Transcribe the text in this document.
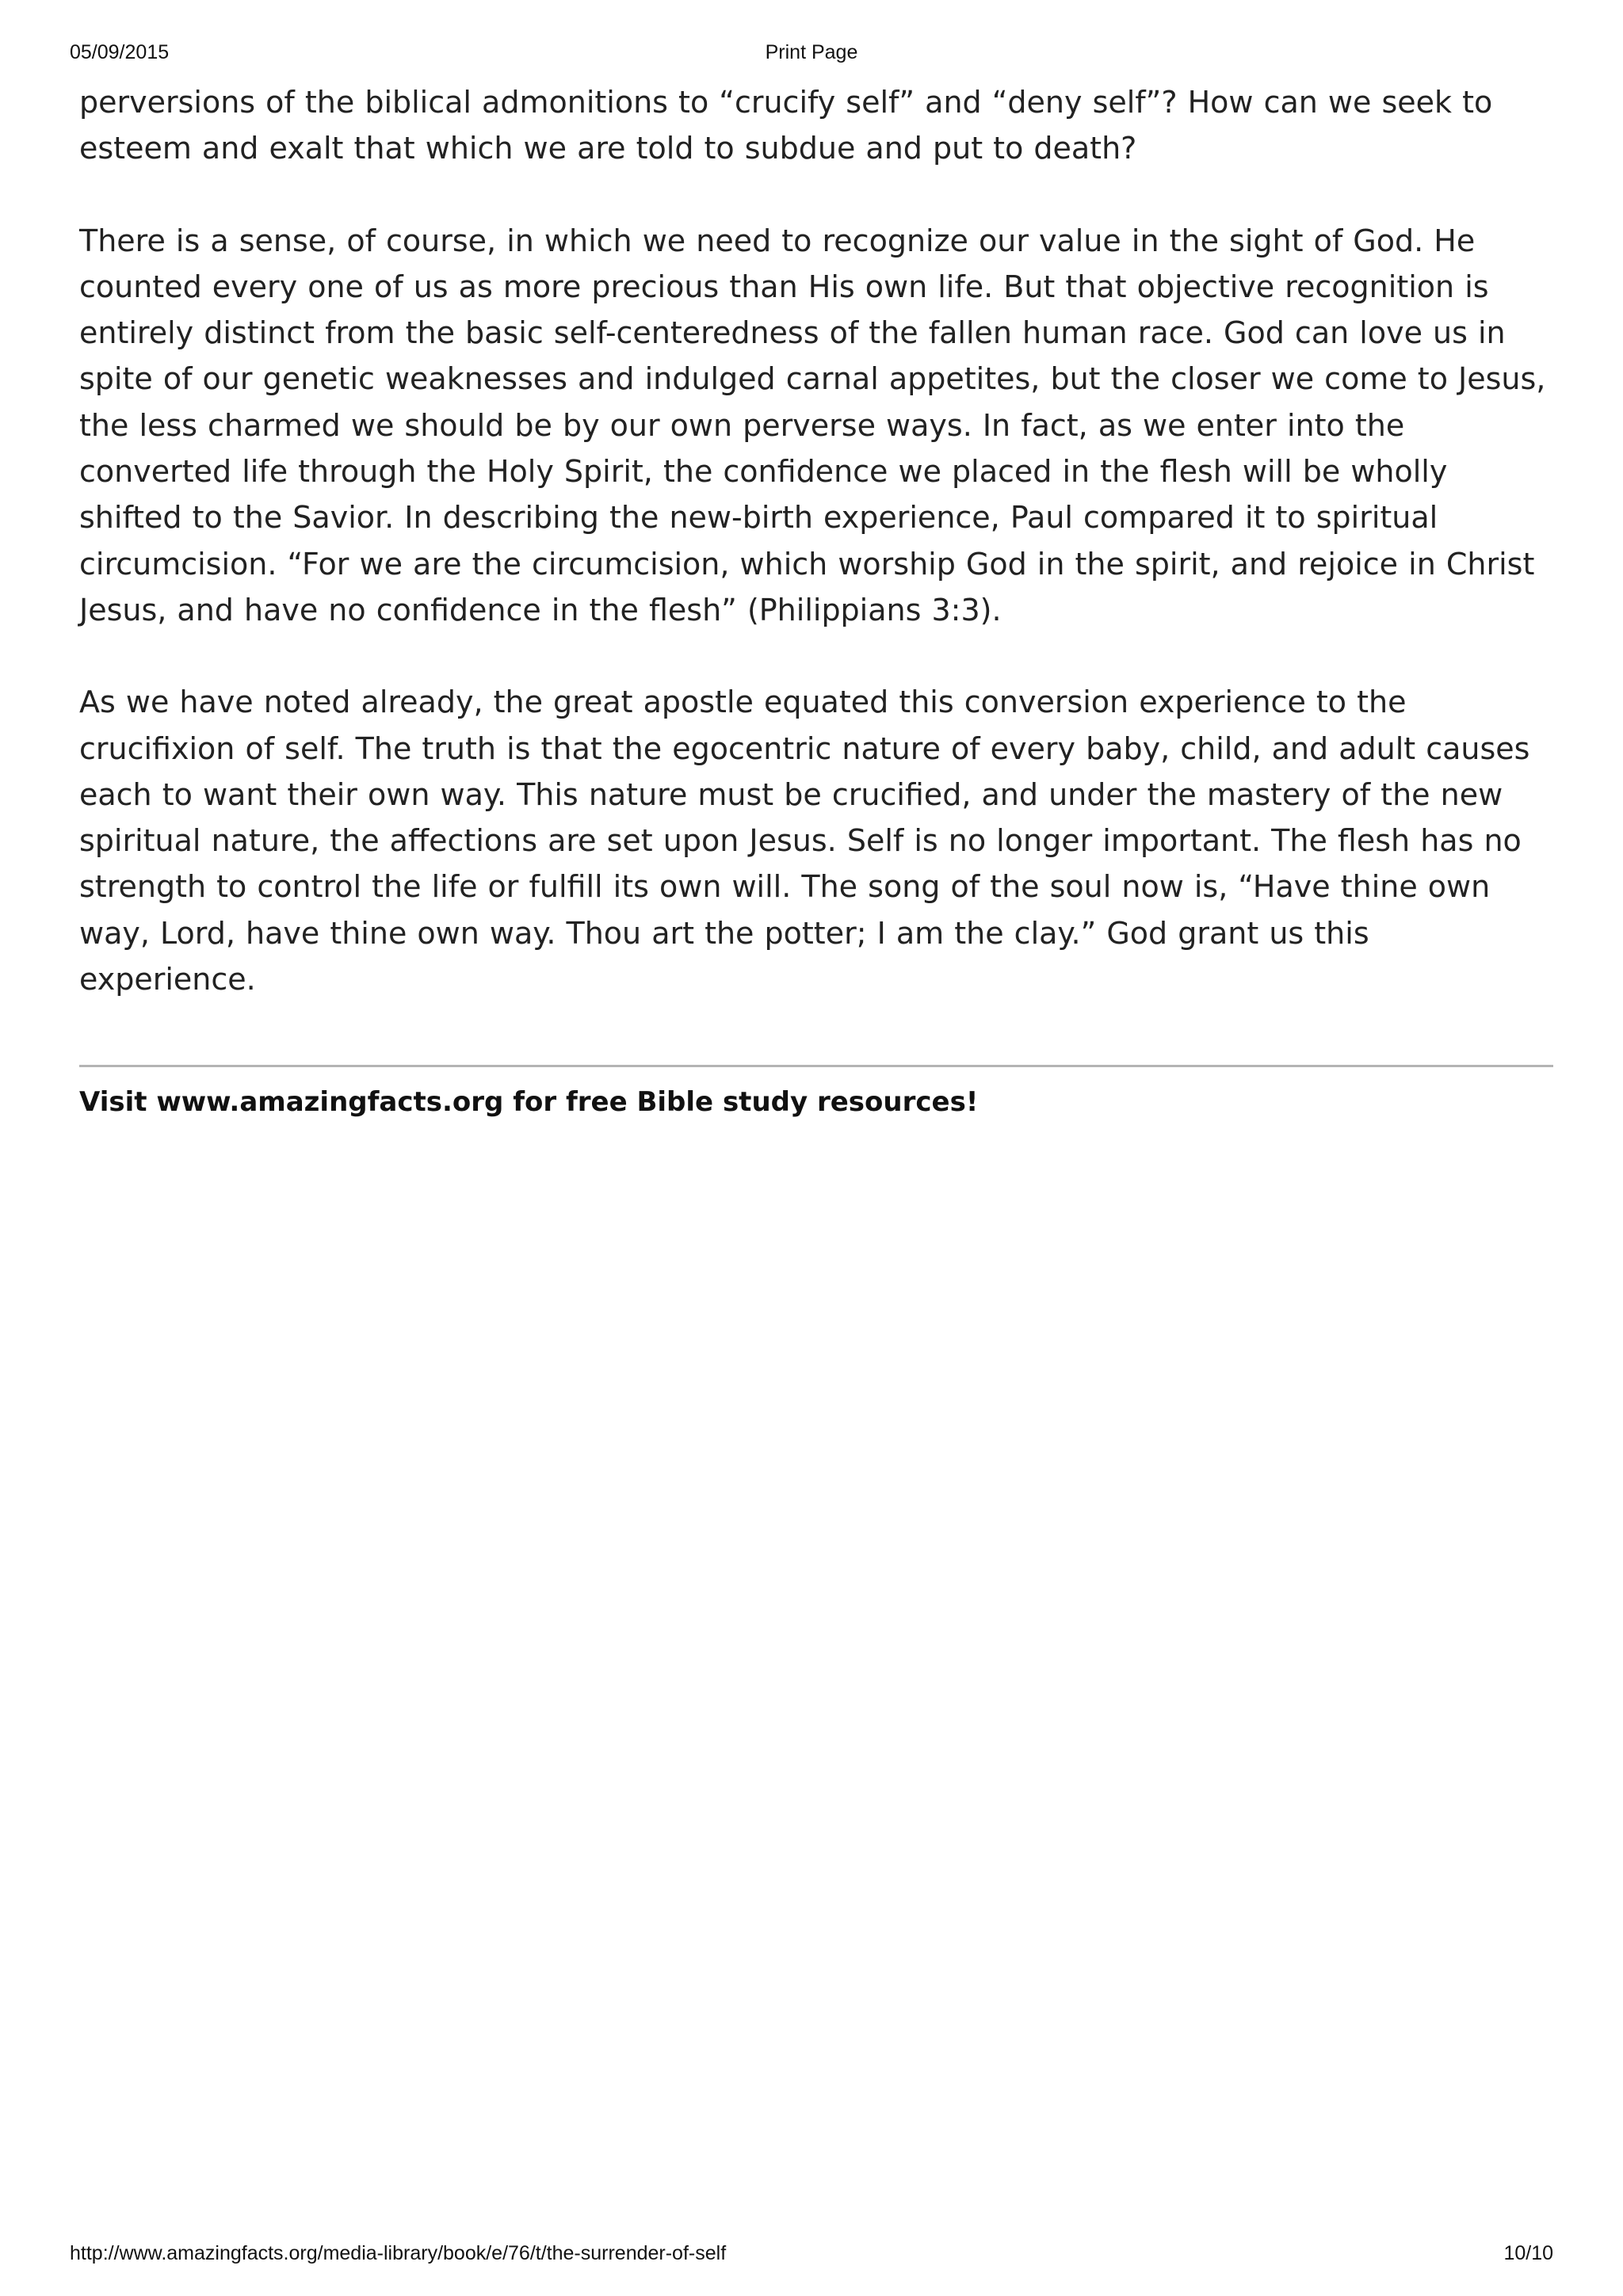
05/09/2015	Print Page

perversions of the biblical admonitions to “crucify self” and “deny self”? How can we seek to esteem and exalt that which we are told to subdue and put to death?

There is a sense, of course, in which we need to recognize our value in the sight of God. He counted every one of us as more precious than His own life. But that objective recognition is entirely distinct from the basic self-centeredness of the fallen human race. God can love us in spite of our genetic weaknesses and indulged carnal appetites, but the closer we come to Jesus, the less charmed we should be by our own perverse ways. In fact, as we enter into the converted life through the Holy Spirit, the confidence we placed in the flesh will be wholly shifted to the Savior. In describing the new-birth experience, Paul compared it to spiritual circumcision. “For we are the circumcision, which worship God in the spirit, and rejoice in Christ Jesus, and have no confidence in the flesh” (Philippians 3:3).

As we have noted already, the great apostle equated this conversion experience to the crucifixion of self. The truth is that the egocentric nature of every baby, child, and adult causes each to want their own way. This nature must be crucified, and under the mastery of the new spiritual nature, the affections are set upon Jesus. Self is no longer important. The flesh has no strength to control the life or fulfill its own will. The song of the soul now is, “Have thine own way, Lord, have thine own way. Thou art the potter; I am the clay.” God grant us this experience.

Visit www.amazingfacts.org for free Bible study resources!
http://www.amazingfacts.org/media-library/book/e/76/t/the-surrender-of-self	10/10
